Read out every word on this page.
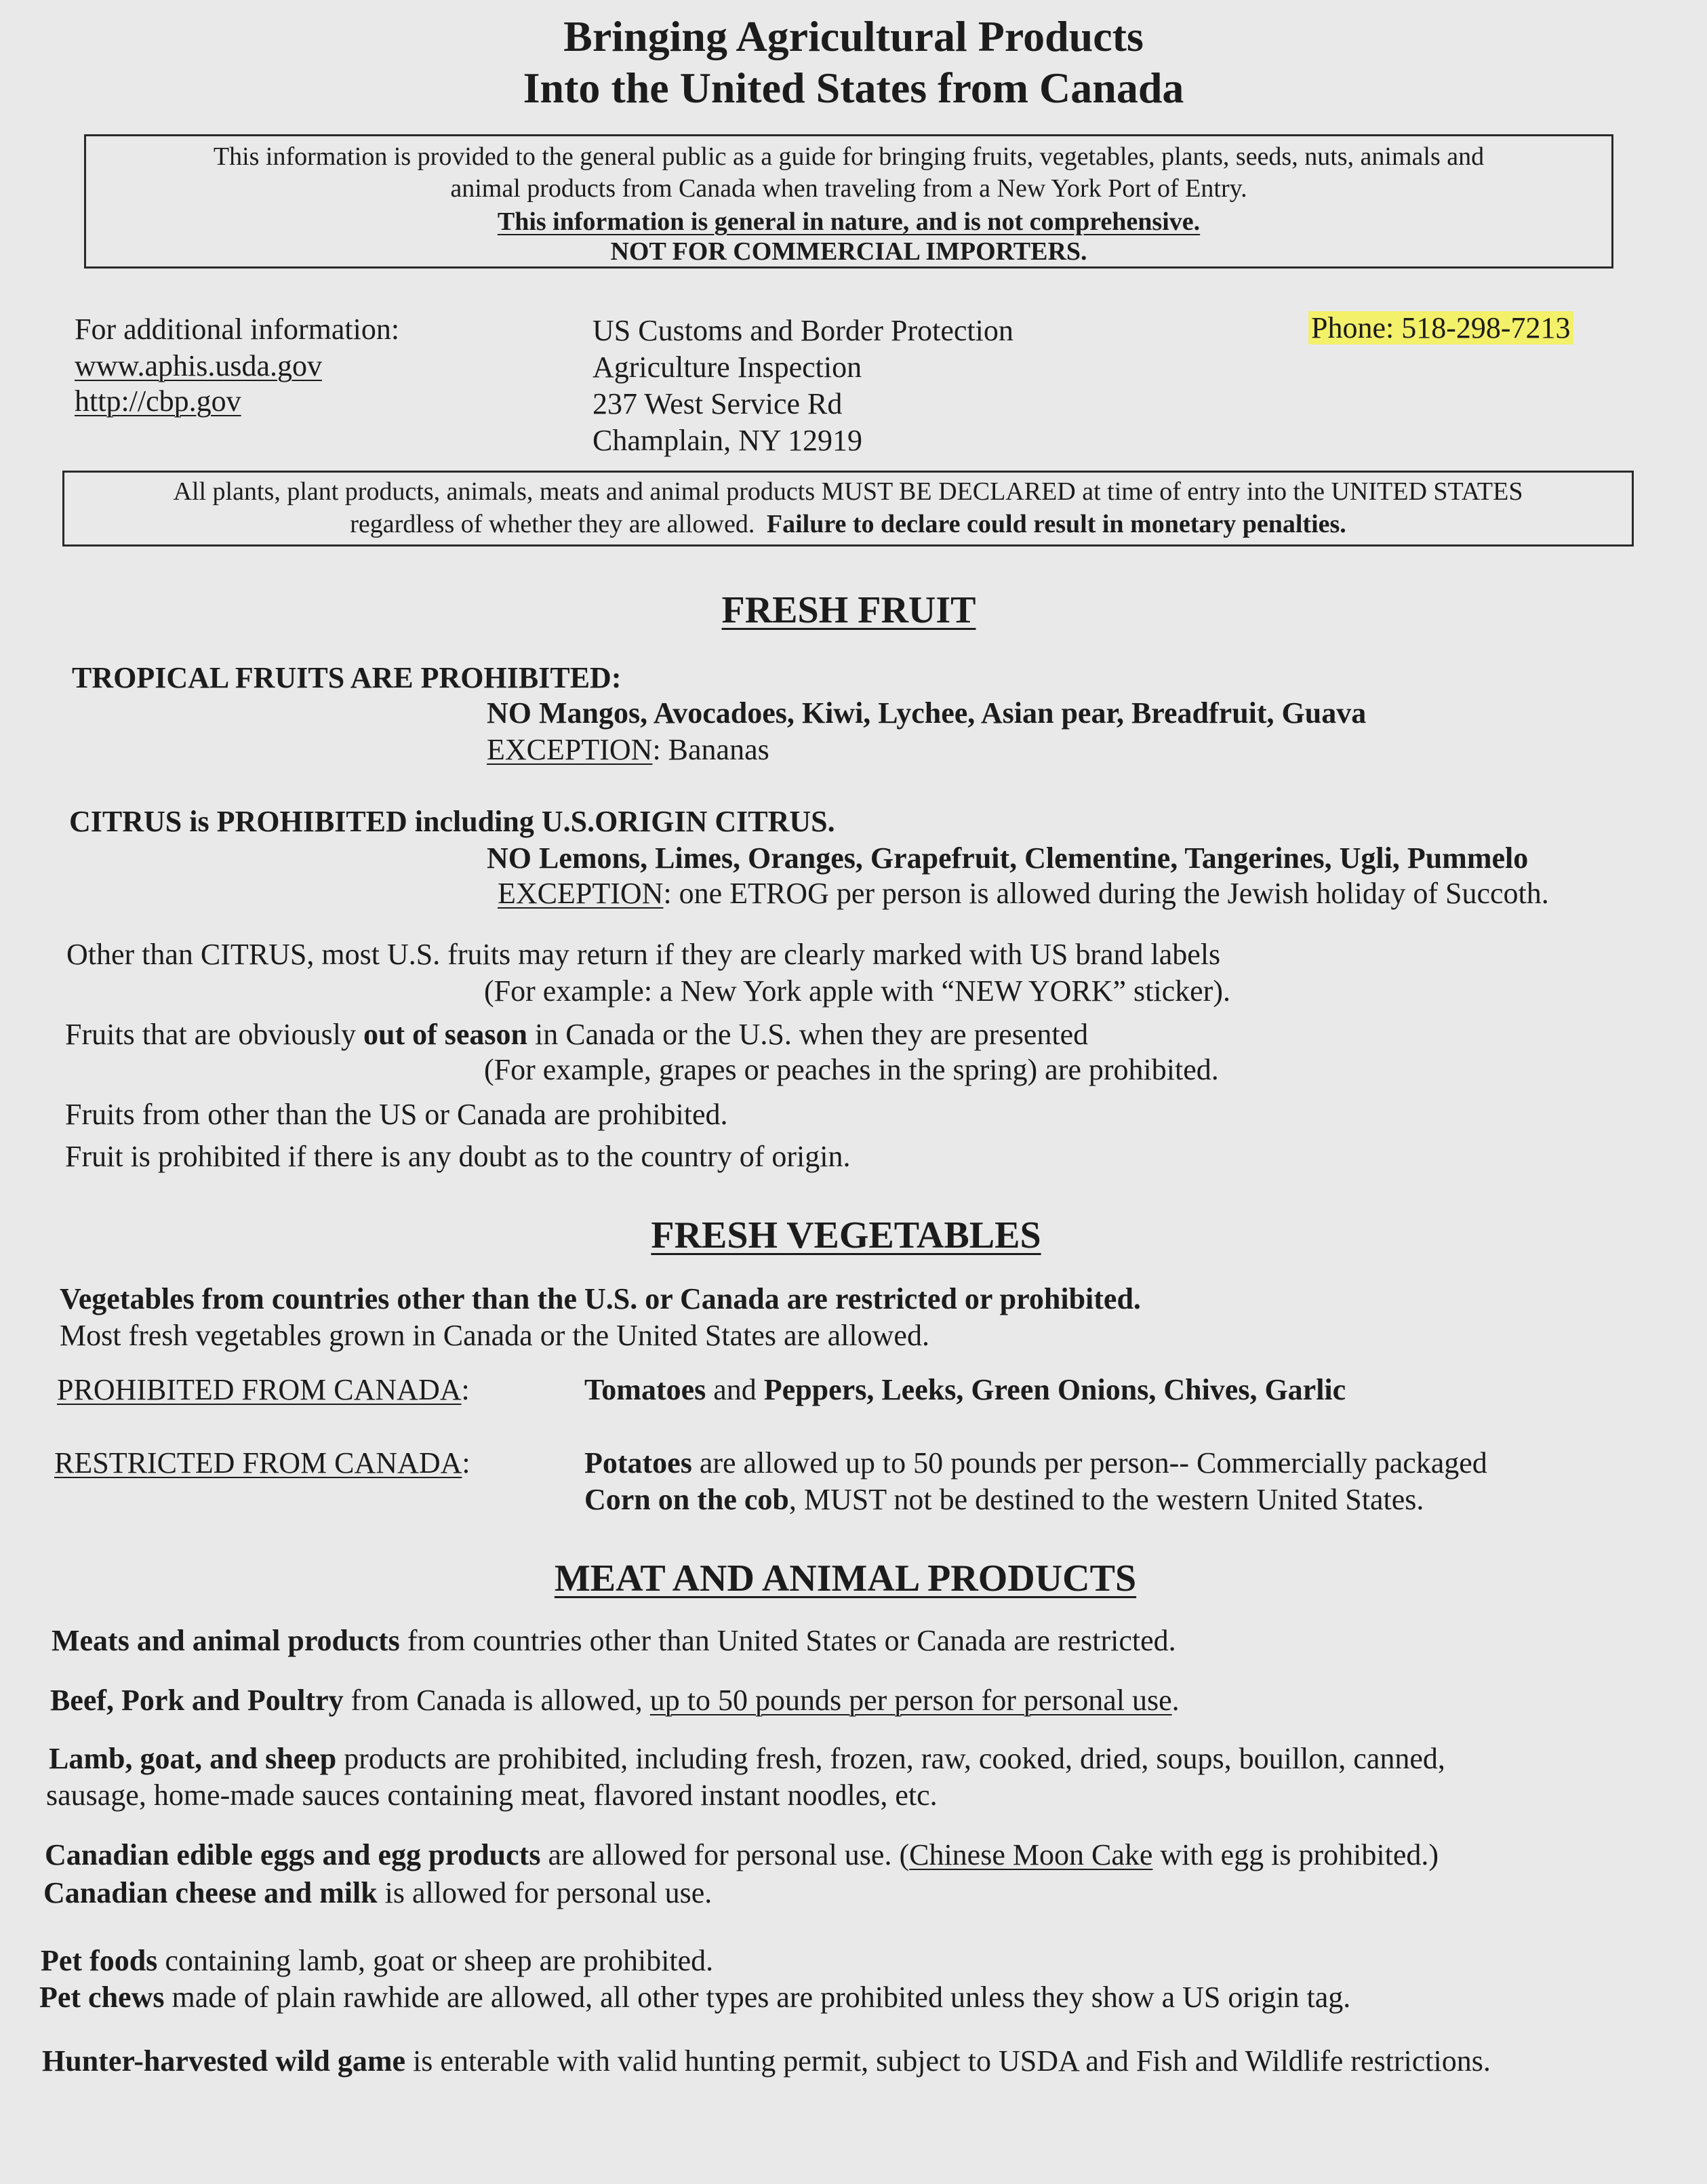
Bringing Agricultural Products
Into the United States from Canada
This information is provided to the general public as a guide for bringing fruits, vegetables, plants, seeds, nuts, animals and
animal products from Canada when traveling from a New York Port of Entry.
This information is general in nature, and is not comprehensive.
NOT FOR COMMERCIAL IMPORTERS.
For additional information:
www.aphis.usda.gov
http://cbp.gov
US Customs and Border Protection
Agriculture Inspection
237 West Service Rd
Champlain, NY 12919
Phone: 518-298-7213
All plants, plant products, animals, meats and animal products MUST BE DECLARED at time of entry into the UNITED STATES
regardless of whether they are allowed. Failure to declare could result in monetary penalties.
FRESH FRUIT
TROPICAL FRUITS ARE PROHIBITED:
NO Mangos, Avocadoes, Kiwi, Lychee, Asian pear, Breadfruit, Guava
EXCEPTION: Bananas
CITRUS is PROHIBITED including U.S.ORIGIN CITRUS.
NO Lemons, Limes, Oranges, Grapefruit, Clementine, Tangerines, Ugli, Pummelo
EXCEPTION: one ETROG per person is allowed during the Jewish holiday of Succoth.
Other than CITRUS, most U.S. fruits may return if they are clearly marked with US brand labels
(For example: a New York apple with “NEW YORK” sticker).
Fruits that are obviously out of season in Canada or the U.S. when they are presented
(For example, grapes or peaches in the spring) are prohibited.
Fruits from other than the US or Canada are prohibited.
Fruit is prohibited if there is any doubt as to the country of origin.
FRESH VEGETABLES
Vegetables from countries other than the U.S. or Canada are restricted or prohibited.
Most fresh vegetables grown in Canada or the United States are allowed.
PROHIBITED FROM CANADA:	Tomatoes and Peppers, Leeks, Green Onions, Chives, Garlic
RESTRICTED FROM CANADA:	Potatoes are allowed up to 50 pounds per person-- Commercially packaged
Corn on the cob, MUST not be destined to the western United States.
MEAT AND ANIMAL PRODUCTS
Meats and animal products from countries other than United States or Canada are restricted.
Beef, Pork and Poultry from Canada is allowed, up to 50 pounds per person for personal use.
Lamb, goat, and sheep products are prohibited, including fresh, frozen, raw, cooked, dried, soups, bouillon, canned,
sausage, home-made sauces containing meat, flavored instant noodles, etc.
Canadian edible eggs and egg products are allowed for personal use. (Chinese Moon Cake with egg is prohibited.)
Canadian cheese and milk is allowed for personal use.
Pet foods containing lamb, goat or sheep are prohibited.
Pet chews made of plain rawhide are allowed, all other types are prohibited unless they show a US origin tag.
Hunter-harvested wild game is enterable with valid hunting permit, subject to USDA and Fish and Wildlife restrictions.
